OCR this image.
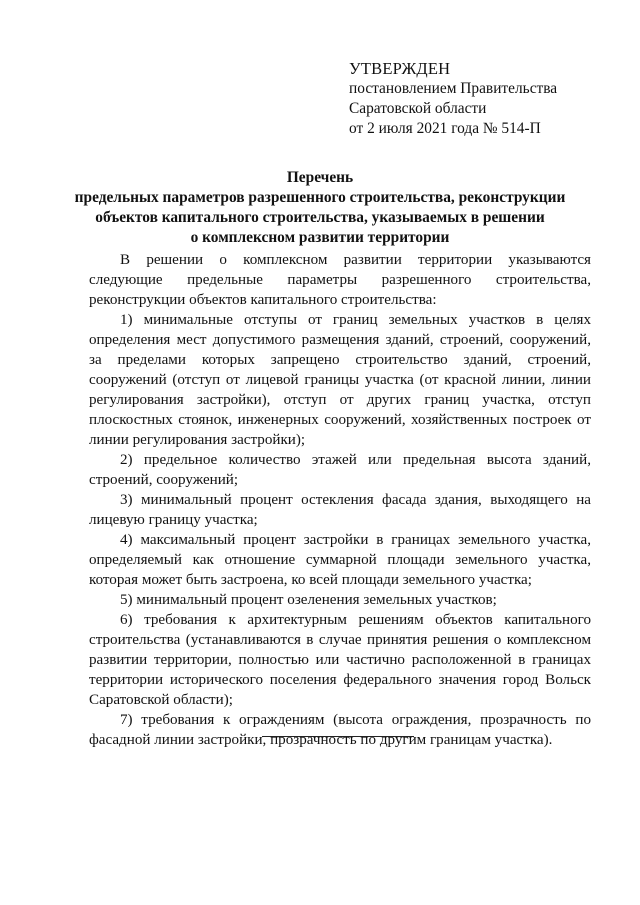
УТВЕРЖДЕН
постановлением Правительства
Саратовской области
от 2 июля 2021 года № 514-П
Перечень
предельных параметров разрешенного строительства, реконструкции
объектов капитального строительства, указываемых в решении
о комплексном развитии территории

В решении о комплексном развитии территории указываются следующие предельные параметры разрешенного строительства, реконструкции объектов капитального строительства:

1) минимальные отступы от границ земельных участков в целях определения мест допустимого размещения зданий, строений, сооружений, за пределами которых запрещено строительство зданий, строений, сооружений (отступ от лицевой границы участка (от красной линии, линии регулирования застройки), отступ от других границ участка, отступ плоскостных стоянок, инженерных сооружений, хозяйственных построек от линии регулирования застройки);

2) предельное количество этажей или предельная высота зданий, строений, сооружений;

3) минимальный процент остекления фасада здания, выходящего на лицевую границу участка;

4) максимальный процент застройки в границах земельного участка, определяемый как отношение суммарной площади земельного участка, которая может быть застроена, ко всей площади земельного участка;

5) минимальный процент озеленения земельных участков;

6) требования к архитектурным решениям объектов капитального строительства (устанавливаются в случае принятия решения о комплексном развитии территории, полностью или частично расположенной в границах территории исторического поселения федерального значения город Вольск Саратовской области);

7) требования к ограждениям (высота ограждения, прозрачность по фасадной линии застройки, прозрачность по другим границам участка).
